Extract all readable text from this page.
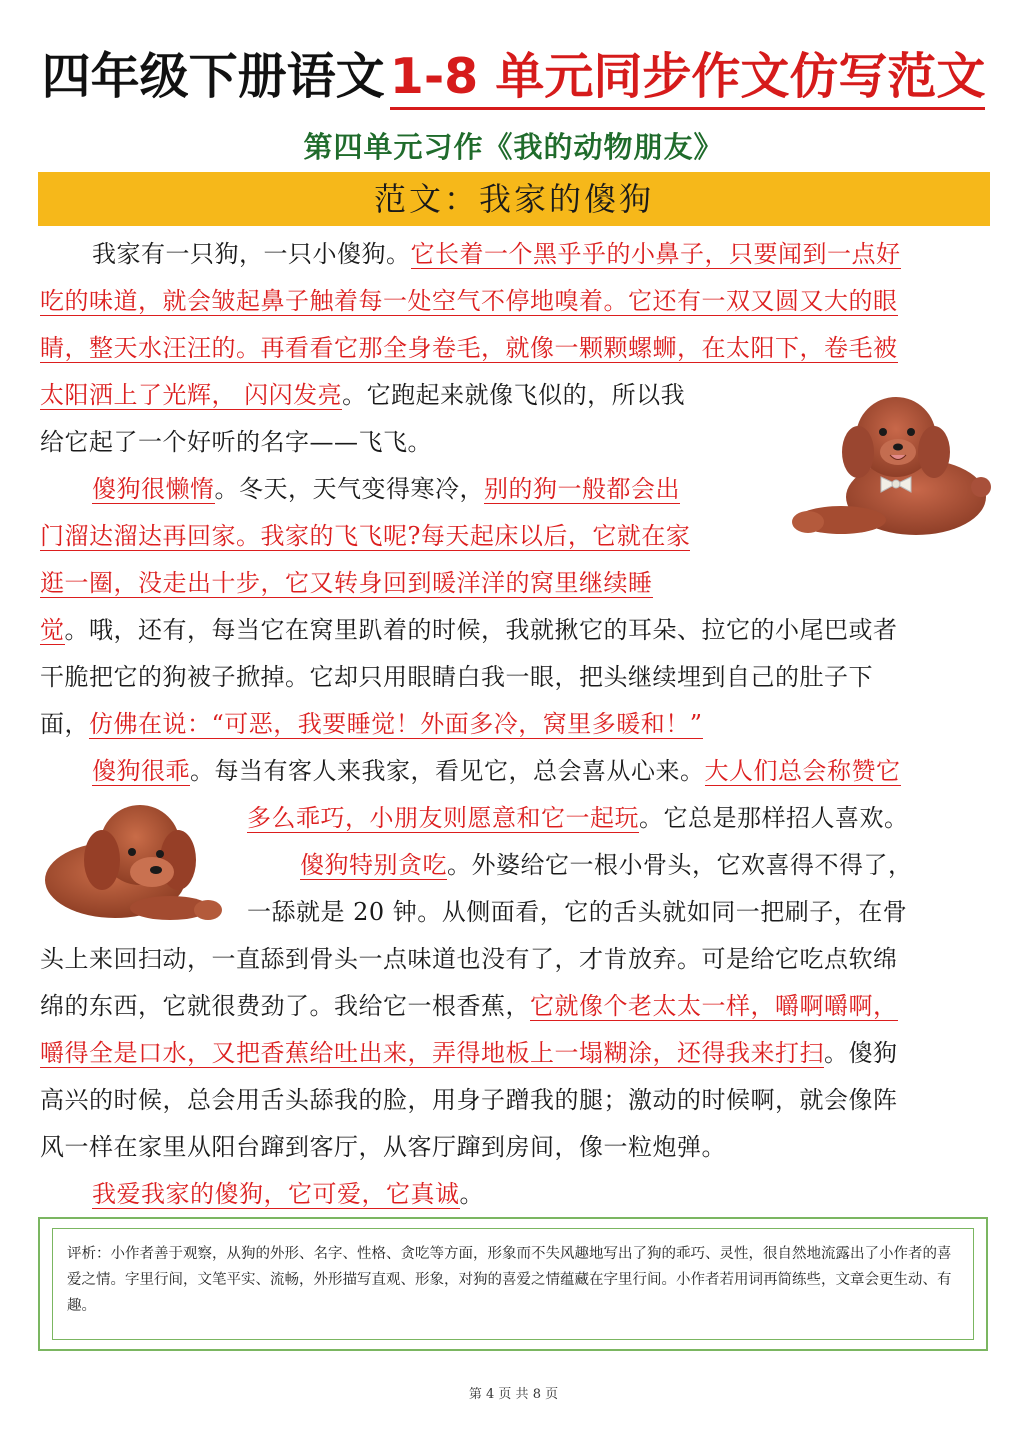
四年级下册语文 1-8 单元同步作文仿写范文
第四单元习作《我的动物朋友》
范文：我家的傻狗
我家有一只狗，一只小傻狗。它长着一个黑乎乎的小鼻子，只要闻到一点好
吃的味道，就会皱起鼻子触着每一处空气不停地嗅着。它还有一双又圆又大的眼
睛，整天水汪汪的。再看看它那全身卷毛，就像一颗颗螺蛳，在太阳下，卷毛被
太阳洒上了光辉， 闪闪发亮。它跑起来就像飞似的，所以我
给它起了一个好听的名字——飞飞。
傻狗很懒惰。冬天，天气变得寒冷，别的狗一般都会出
门溜达溜达再回家。我家的飞飞呢?每天起床以后，它就在家
逛一圈，没走出十步，它又转身回到暖洋洋的窝里继续睡
觉。哦，还有，每当它在窝里趴着的时候，我就揪它的耳朵、拉它的小尾巴或者
干脆把它的狗被子掀掉。它却只用眼睛白我一眼，把头继续埋到自己的肚子下
面，仿佛在说：“可恶，我要睡觉！外面多冷，窝里多暖和！”
傻狗很乖。每当有客人来我家，看见它，总会喜从心来。大人们总会称赞它
多么乖巧，小朋友则愿意和它一起玩。它总是那样招人喜欢。
傻狗特别贪吃。外婆给它一根小骨头，它欢喜得不得了，
一舔就是 20 钟。从侧面看，它的舌头就如同一把刷子，在骨
头上来回扫动，一直舔到骨头一点味道也没有了，才肯放弃。可是给它吃点软绵
绵的东西，它就很费劲了。我给它一根香蕉，它就像个老太太一样，嚼啊嚼啊，
嚼得全是口水，又把香蕉给吐出来，弄得地板上一塌糊涂，还得我来打扫。傻狗
高兴的时候，总会用舌头舔我的脸，用身子蹭我的腿；激动的时候啊，就会像阵
风一样在家里从阳台蹿到客厅，从客厅蹿到房间，像一粒炮弹。
我爱我家的傻狗，它可爱，它真诚。
评析：小作者善于观察，从狗的外形、名字、性格、贪吃等方面，形象而不失风趣地写出了狗的乖巧、灵性，很自然地流露出了小作者的喜爱之情。字里行间，文笔平实、流畅，外形描写直观、形象，对狗的喜爱之情蕴藏在字里行间。小作者若用词再简练些，文章会更生动、有趣。
第 4 页 共 8 页
